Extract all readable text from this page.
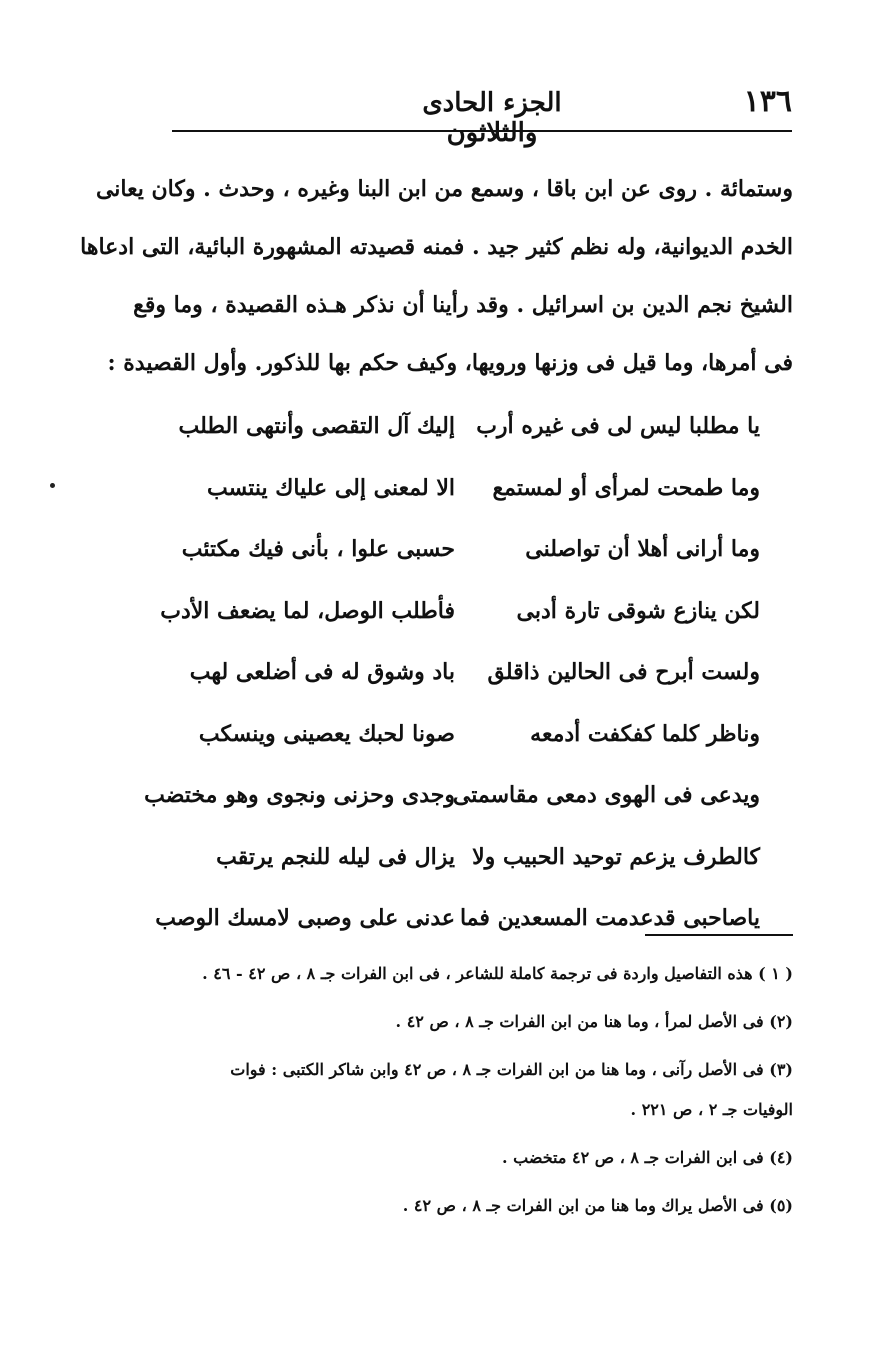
١٣٦
الجزء الحادى والثلاثون
وستمائة . روى عن ابن باقا ، وسمع من ابن البنا وغيره ، وحدث . وكان يعانى
الخدم الديوانية، وله نظم كثير جيد . فمنه قصيدته المشهورة البائية، التى ادعاها
الشيخ نجم الدين بن اسرائيل . وقد رأينا أن نذكر هـذه القصيدة ، وما وقع
فى أمرها، وما قيل فى وزنها ورويها، وكيف حكم بها للذكور. وأول القصيدة :
يا مطلبا ليس لى فى غيره أرب
إليك آل التقصى وأنتهى الطلب
وما طمحت لمرأى أو لمستمع
الا لمعنى إلى علياك ينتسب
وما أرانى أهلا أن تواصلنى
حسبى علوا ، بأنى فيك مكتئب
لكن ينازع شوقى تارة أدبى
فأطلب الوصل، لما يضعف الأدب
ولست أبرح فى الحالين ذاقلق
باد وشوق له فى أضلعى لهب
وناظر كلما كفكفت أدمعه
صونا لحبك يعصينى وينسكب
ويدعى فى الهوى دمعى مقاسمتى
وجدى وحزنى ونجوى وهو مختضب
كالطرف يزعم توحيد الحبيب ولا
يزال فى ليله للنجم يرتقب
ياصاحبى قدعدمت المسعدين فما
عدنى على وصبى لامسك الوصب
( ١ ) هذه التفاصيل واردة فى ترجمة كاملة للشاعر ، فى ابن الفرات جـ ٨ ، ص ٤٢ - ٤٦ .
(٢) فى الأصل لمرأ ، وما هنا من ابن الفرات جـ ٨ ، ص ٤٢ .
(٣) فى الأصل رآنى ، وما هنا من ابن الفرات جـ ٨ ، ص ٤٢ وابن شاكر الكتبى : فوات
الوفيات جـ ٢ ، ص ٢٢١ .
(٤) فى ابن الفرات جـ ٨ ، ص ٤٢ متخضب .
(٥) فى الأصل يراك وما هنا من ابن الفرات جـ ٨ ، ص ٤٢ .
